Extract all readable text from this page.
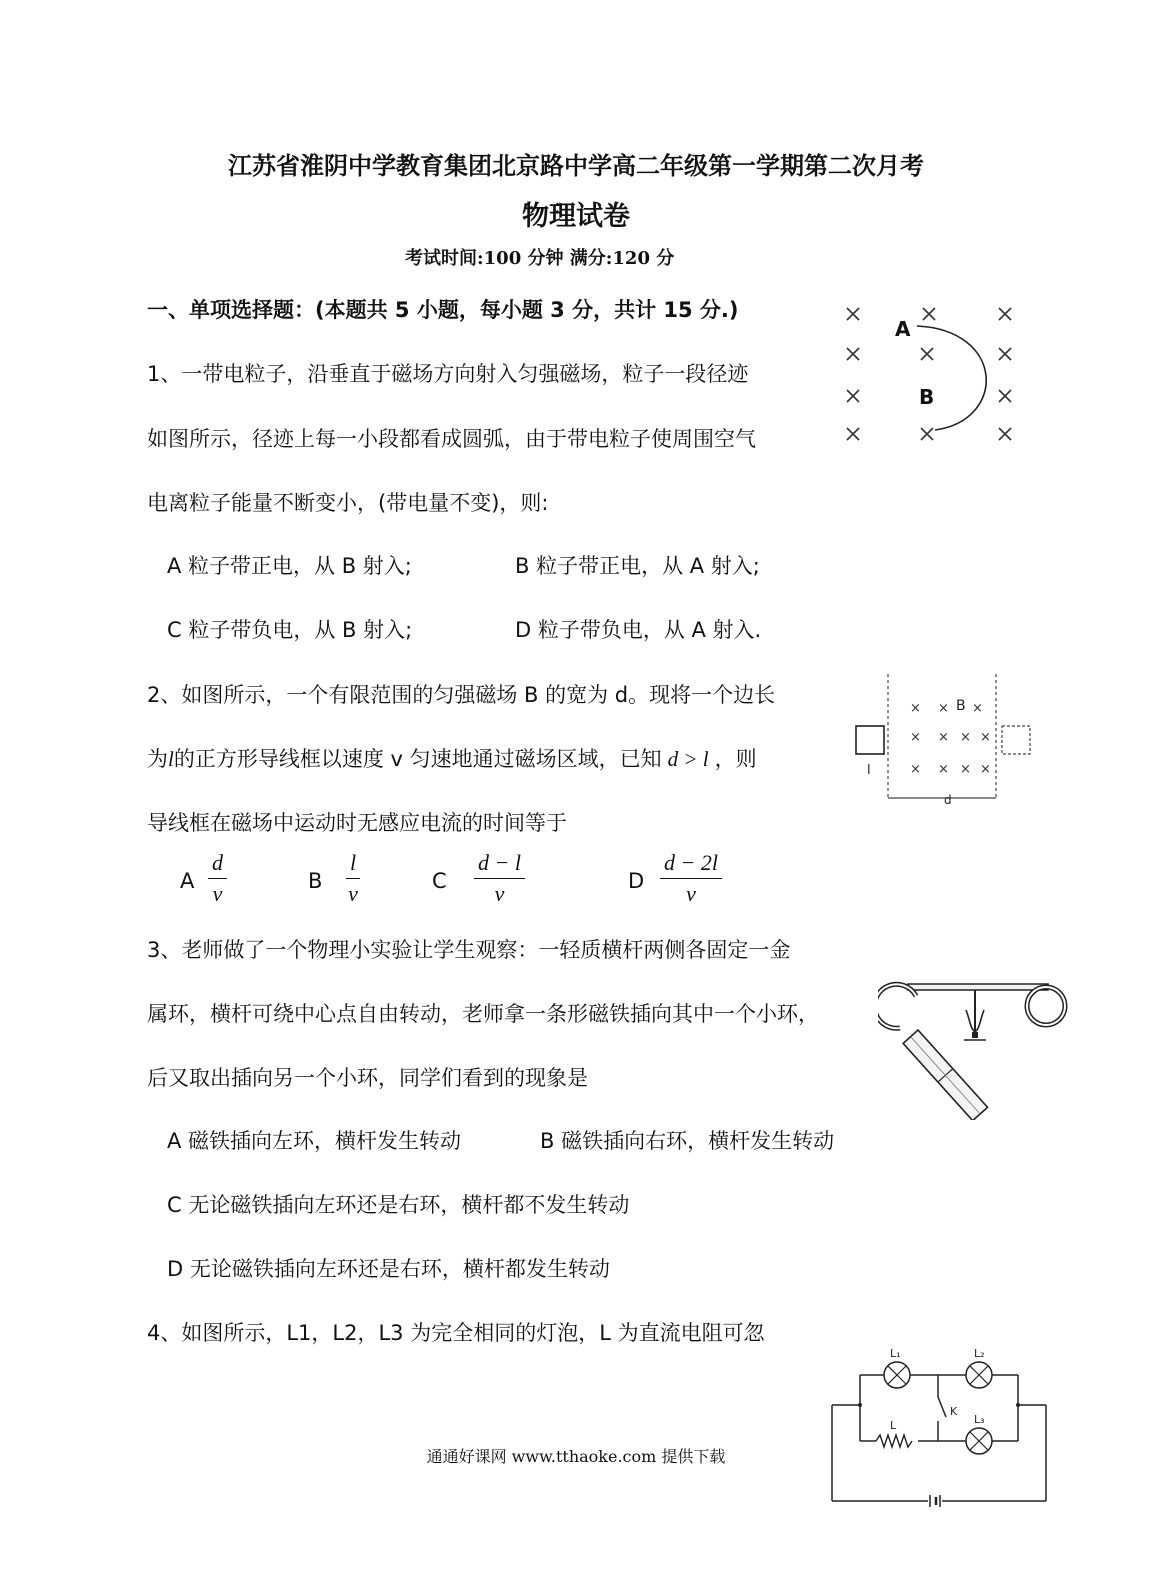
江苏省淮阴中学教育集团北京路中学高二年级第一学期第二次月考
物理试卷
考试时间:100 分钟 满分:120 分
一、单项选择题：(本题共 5 小题，每小题 3 分，共计 15 分.)
1、一带电粒子，沿垂直于磁场方向射入匀强磁场，粒子一段径迹
如图所示，径迹上每一小段都看成圆弧，由于带电粒子使周围空气
电离粒子能量不断变小，(带电量不变)，则:
A 粒子带正电，从 B 射入;	B 粒子带正电，从 A 射入;
C 粒子带负电，从 B 射入;	D 粒子带负电，从 A 射入.
A
B
2、如图所示，一个有限范围的匀强磁场 B 的宽为 d。现将一个边长
为l的正方形导线框以速度 v 匀速地通过磁场区域，已知 d > l ，则
导线框在磁场中运动时无感应电流的时间等于
A $\frac{d}{v}$	B $\frac{l}{v}$	C $\frac{d - l}{v}$	D $\frac{d - 2l}{v}$
× × ×
× × × ×
× × × ×
B
l
d
3、老师做了一个物理小实验让学生观察：一轻质横杆两侧各固定一金
属环，横杆可绕中心点自由转动，老师拿一条形磁铁插向其中一个小环，
后又取出插向另一个小环，同学们看到的现象是
A 磁铁插向左环，横杆发生转动	B 磁铁插向右环，横杆发生转动
C 无论磁铁插向左环还是右环，横杆都不发生转动
D 无论磁铁插向左环还是右环，横杆都发生转动
4、如图所示，L1，L2，L3 为完全相同的灯泡，L 为直流电阻可忽
L₁	L₂
L₃
L
K
通通好课网 www.tthaoke.com 提供下载
